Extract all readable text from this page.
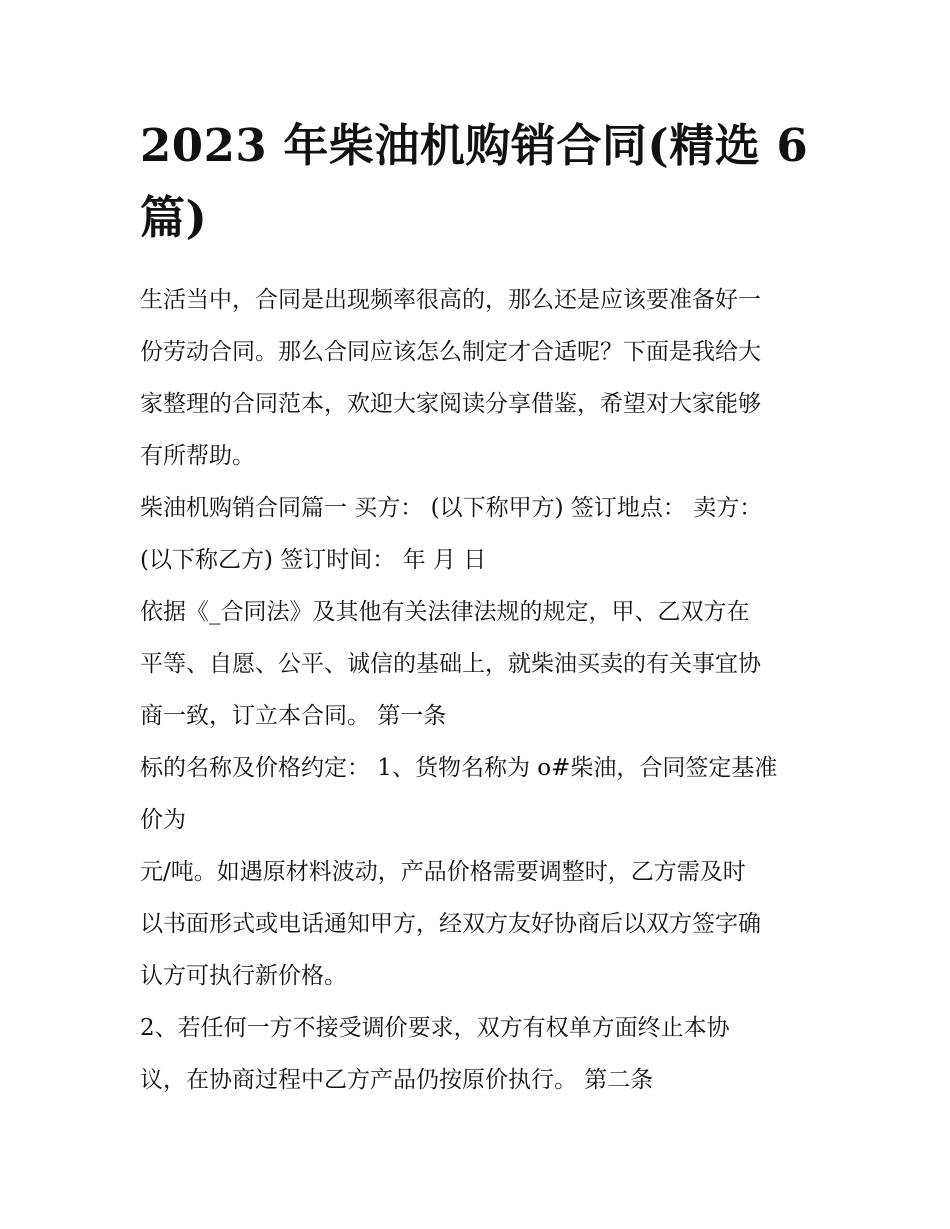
2023 年柴油机购销合同(精选 6
篇)

生活当中，合同是出现频率很高的，那么还是应该要准备好一
份劳动合同。那么合同应该怎么制定才合适呢？下面是我给大
家整理的合同范本，欢迎大家阅读分享借鉴，希望对大家能够
有所帮助。

柴油机购销合同篇一 买方： (以下称甲方) 签订地点： 卖方：
(以下称乙方) 签订时间： 年 月 日

依据《_合同法》及其他有关法律法规的规定，甲、乙双方在
平等、自愿、公平、诚信的基础上，就柴油买卖的有关事宜协
商一致，订立本合同。 第一条

标的名称及价格约定： 1、货物名称为 o#柴油，合同签定基准
价为

元/吨。如遇原材料波动，产品价格需要调整时，乙方需及时
以书面形式或电话通知甲方，经双方友好协商后以双方签字确
认方可执行新价格。

2、若任何一方不接受调价要求，双方有权单方面终止本协
议，在协商过程中乙方产品仍按原价执行。 第二条
